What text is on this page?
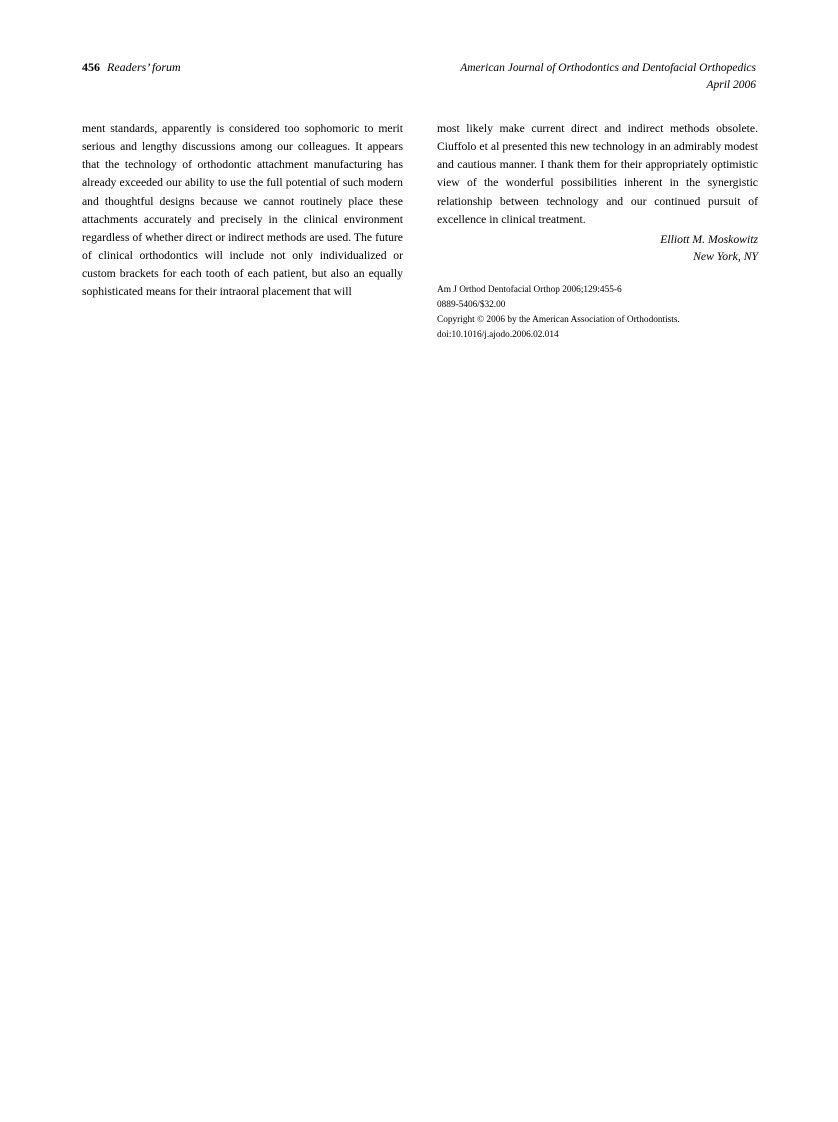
456 Readers’ forum	American Journal of Orthodontics and Dentofacial Orthopedics
April 2006

ment standards, apparently is considered too sophomoric to merit serious and lengthy discussions among our colleagues. It appears that the technology of orthodontic attachment manufacturing has already exceeded our ability to use the full potential of such modern and thoughtful designs because we cannot routinely place these attachments accurately and precisely in the clinical environment regardless of whether direct or indirect methods are used. The future of clinical orthodontics will include not only individualized or custom brackets for each tooth of each patient, but also an equally sophisticated means for their intraoral placement that will

most likely make current direct and indirect methods obsolete. Ciuffolo et al presented this new technology in an admirably modest and cautious manner. I thank them for their appropriately optimistic view of the wonderful possibilities inherent in the synergistic relationship between technology and our continued pursuit of excellence in clinical treatment.

Elliott M. Moskowitz
New York, NY
Am J Orthod Dentofacial Orthop 2006;129:455-6
0889-5406/$32.00
Copyright © 2006 by the American Association of Orthodontists.
doi:10.1016/j.ajodo.2006.02.014
